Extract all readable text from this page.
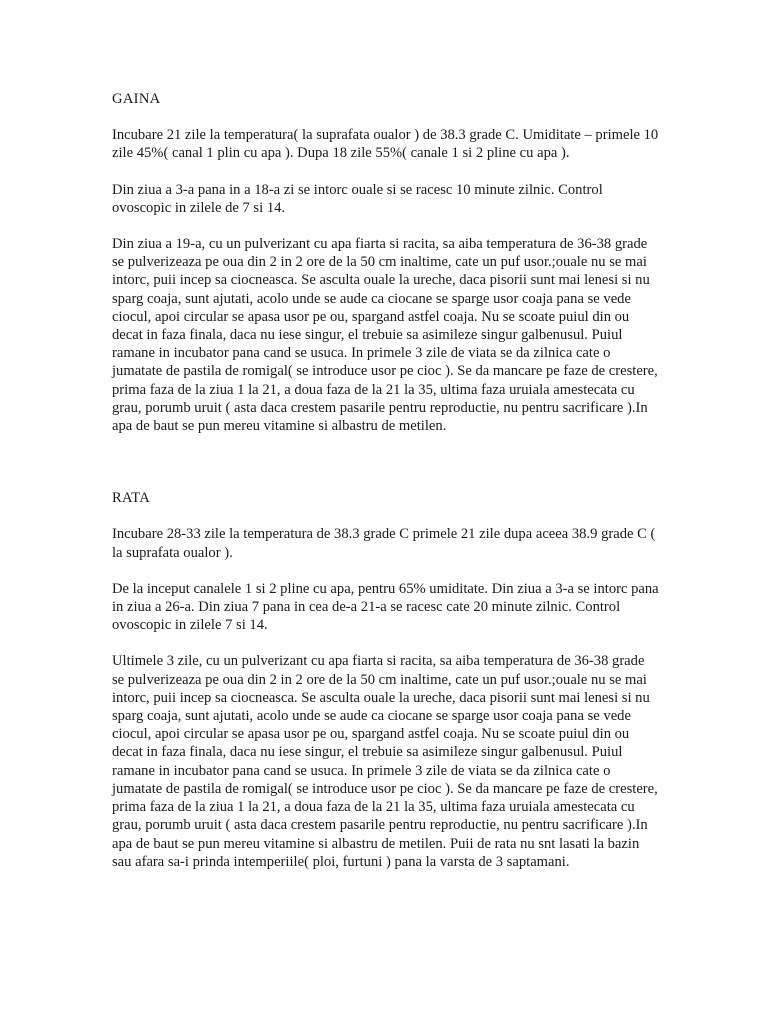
GAINA

Incubare 21 zile la temperatura( la suprafata oualor ) de 38.3 grade C. Umiditate – primele 10 zile 45%( canal 1 plin cu apa ). Dupa 18 zile 55%( canale 1 si 2 pline cu apa ).

Din ziua a 3-a pana in a 18-a zi se intorc ouale si se racesc 10 minute zilnic. Control ovoscopic in zilele de 7 si 14.

Din ziua a 19-a, cu un pulverizant cu apa fiarta si racita, sa aiba temperatura de 36-38 grade se pulverizeaza pe oua din 2 in 2 ore de la 50 cm inaltime, cate un puf usor.;ouale nu se mai intorc, puii incep sa ciocneasca. Se asculta ouale la ureche, daca pisorii sunt mai lenesi si nu sparg coaja, sunt ajutati, acolo unde se aude ca ciocane se sparge usor coaja pana se vede ciocul, apoi circular se apasa usor pe ou, spargand astfel coaja. Nu se scoate puiul din ou decat in faza finala, daca nu iese singur, el trebuie sa asimileze singur galbenusul. Puiul ramane in incubator pana cand se usuca. In primele 3 zile de viata se da zilnica cate o jumatate de pastila de romigal( se introduce usor pe cioc ). Se da mancare pe faze de crestere, prima faza de la ziua 1 la 21, a doua faza de la 21 la 35, ultima faza uruiala amestecata cu grau, porumb uruit ( asta daca crestem pasarile pentru reproductie, nu pentru sacrificare ).In apa de baut se pun mereu vitamine si albastru de metilen.

RATA

Incubare 28-33 zile la temperatura de 38.3 grade C primele 21 zile dupa aceea 38.9 grade C ( la suprafata oualor ).

De la inceput canalele 1 si 2 pline cu apa, pentru 65% umiditate. Din ziua a 3-a se intorc pana in ziua a 26-a. Din ziua 7 pana in cea de-a 21-a se racesc cate 20 minute zilnic. Control ovoscopic in zilele 7 si 14.

Ultimele 3 zile, cu un pulverizant cu apa fiarta si racita, sa aiba temperatura de 36-38 grade se pulverizeaza pe oua din 2 in 2 ore de la 50 cm inaltime, cate un puf usor.;ouale nu se mai intorc, puii incep sa ciocneasca. Se asculta ouale la ureche, daca pisorii sunt mai lenesi si nu sparg coaja, sunt ajutati, acolo unde se aude ca ciocane se sparge usor coaja pana se vede ciocul, apoi circular se apasa usor pe ou, spargand astfel coaja. Nu se scoate puiul din ou decat in faza finala, daca nu iese singur, el trebuie sa asimileze singur galbenusul. Puiul ramane in incubator pana cand se usuca. In primele 3 zile de viata se da zilnica cate o jumatate de pastila de romigal( se introduce usor pe cioc ). Se da mancare pe faze de crestere, prima faza de la ziua 1 la 21, a doua faza de la 21 la 35, ultima faza uruiala amestecata cu grau, porumb uruit ( asta daca crestem pasarile pentru reproductie, nu pentru sacrificare ).In apa de baut se pun mereu vitamine si albastru de metilen. Puii de rata nu snt lasati la bazin sau afara sa-i prinda intemperiile( ploi, furtuni ) pana la varsta de 3 saptamani.
